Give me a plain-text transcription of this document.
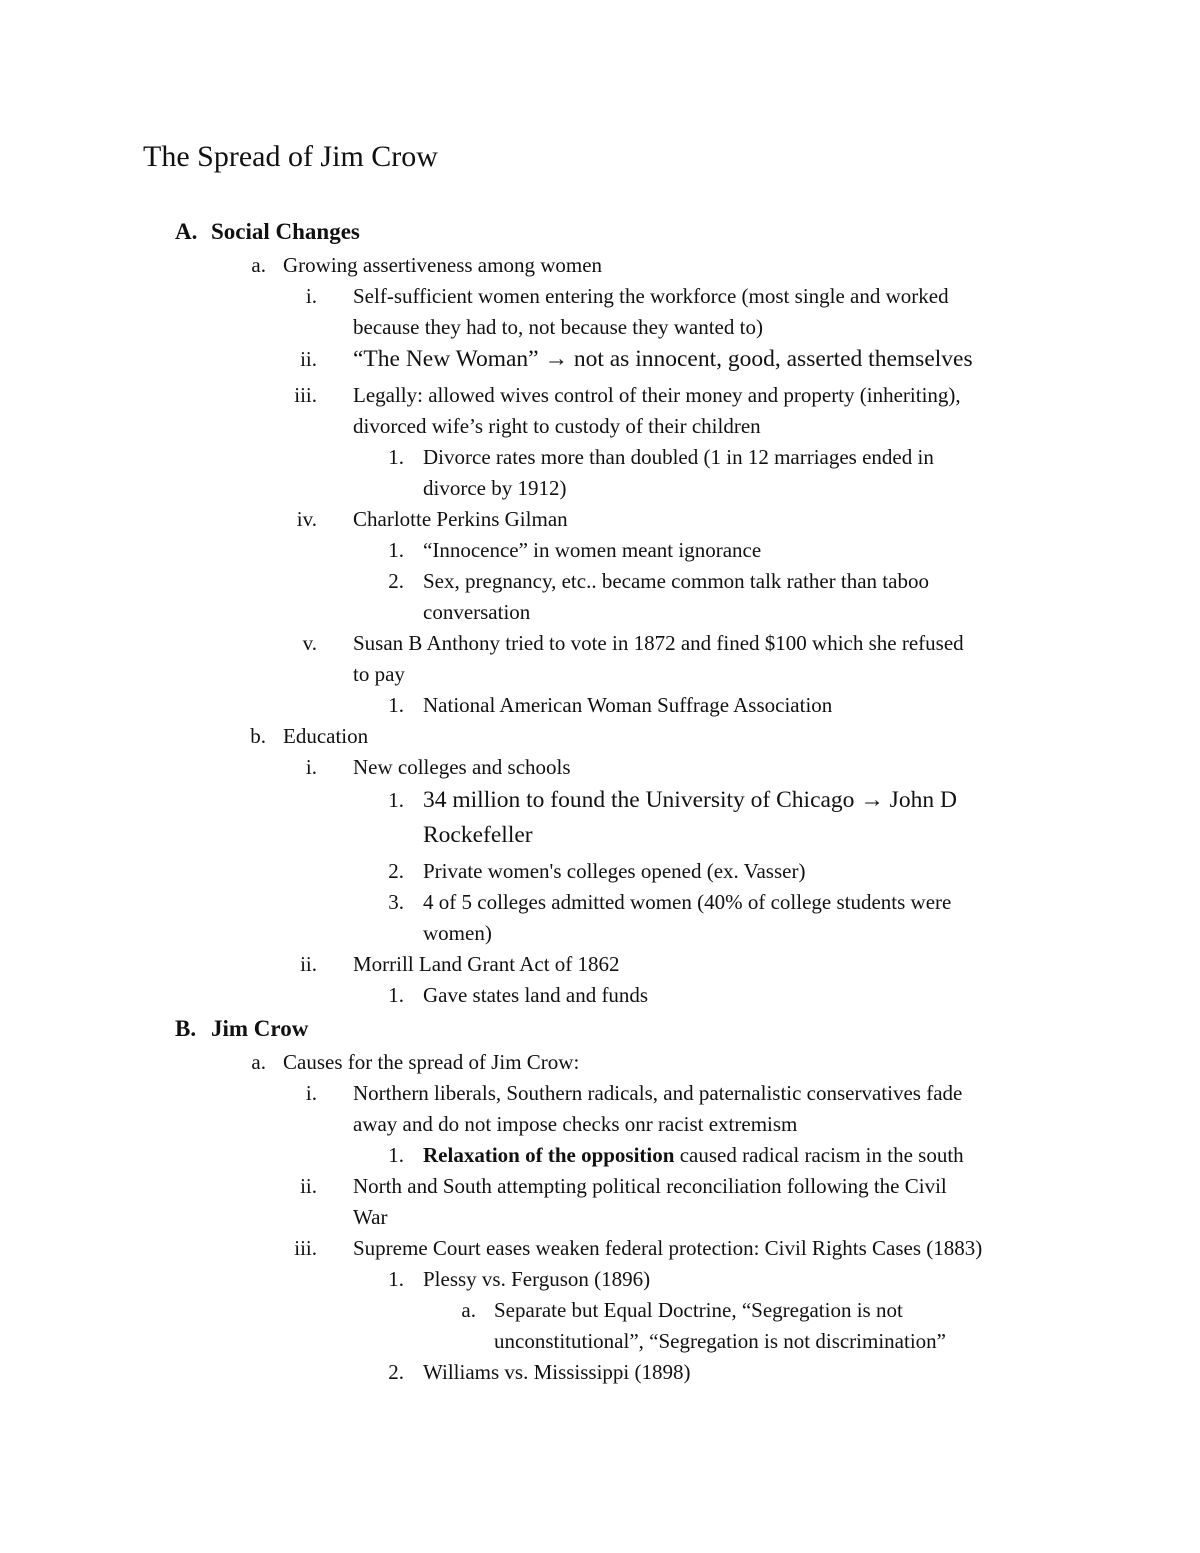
The Spread of Jim Crow
A. Social Changes
a. Growing assertiveness among women
i. Self-sufficient women entering the workforce (most single and worked
because they had to, not because they wanted to)
ii. “The New Woman” → not as innocent, good, asserted themselves
iii. Legally: allowed wives control of their money and property (inheriting),
divorced wife’s right to custody of their children
1. Divorce rates more than doubled (1 in 12 marriages ended in
divorce by 1912)
iv. Charlotte Perkins Gilman
1. “Innocence” in women meant ignorance
2. Sex, pregnancy, etc.. became common talk rather than taboo
conversation
v. Susan B Anthony tried to vote in 1872 and fined $100 which she refused
to pay
1. National American Woman Suffrage Association
b. Education
i. New colleges and schools
1. 34 million to found the University of Chicago → John D
Rockefeller
2. Private women's colleges opened (ex. Vasser)
3. 4 of 5 colleges admitted women (40% of college students were
women)
ii. Morrill Land Grant Act of 1862
1. Gave states land and funds
B. Jim Crow
a. Causes for the spread of Jim Crow:
i. Northern liberals, Southern radicals, and paternalistic conservatives fade
away and do not impose checks onr racist extremism
1. Relaxation of the opposition caused radical racism in the south
ii. North and South attempting political reconciliation following the Civil
War
iii. Supreme Court eases weaken federal protection: Civil Rights Cases (1883)
1. Plessy vs. Ferguson (1896)
a. Separate but Equal Doctrine, “Segregation is not
unconstitutional”, “Segregation is not discrimination”
2. Williams vs. Mississippi (1898)
